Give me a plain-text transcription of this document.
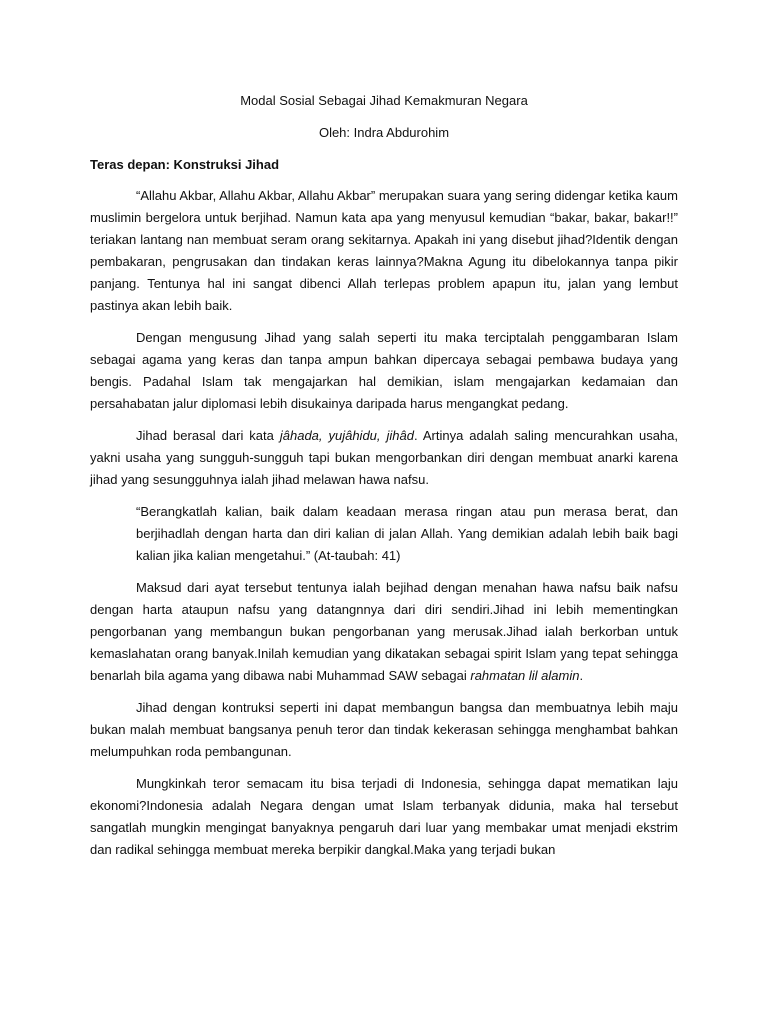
Modal Sosial Sebagai Jihad Kemakmuran Negara

Oleh: Indra Abdurohim

Teras depan: Konstruksi Jihad

“Allahu Akbar, Allahu Akbar, Allahu Akbar” merupakan suara yang sering didengar ketika kaum muslimin bergelora untuk berjihad. Namun kata apa yang menyusul kemudian “bakar, bakar, bakar!!” teriakan lantang nan membuat seram orang sekitarnya. Apakah ini yang disebut jihad?Identik dengan pembakaran, pengrusakan dan tindakan keras lainnya?Makna Agung itu dibelokannya tanpa pikir panjang. Tentunya hal ini sangat dibenci Allah terlepas problem apapun itu, jalan yang lembut pastinya akan lebih baik.

Dengan mengusung Jihad yang salah seperti itu maka terciptalah penggambaran Islam sebagai agama yang keras dan tanpa ampun bahkan dipercaya sebagai pembawa budaya yang bengis. Padahal Islam tak mengajarkan hal demikian, islam mengajarkan kedamaian dan persahabatan jalur diplomasi lebih disukainya daripada harus mengangkat pedang.

Jihad berasal dari kata jâhada, yujâhidu, jihâd. Artinya adalah saling mencurahkan usaha, yakni usaha yang sungguh-sungguh tapi bukan mengorbankan diri dengan membuat anarki karena jihad yang sesungguhnya ialah jihad melawan hawa nafsu.

“Berangkatlah kalian, baik dalam keadaan merasa ringan atau pun merasa berat, dan berjihadlah dengan harta dan diri kalian di jalan Allah. Yang demikian adalah lebih baik bagi kalian jika kalian mengetahui.” (At-taubah: 41)

Maksud dari ayat tersebut tentunya ialah bejihad dengan menahan hawa nafsu baik nafsu dengan harta ataupun nafsu yang datangnnya dari diri sendiri.Jihad ini lebih mementingkan pengorbanan yang membangun bukan pengorbanan yang merusak.Jihad ialah berkorban untuk kemaslahatan orang banyak.Inilah kemudian yang dikatakan sebagai spirit Islam yang tepat sehingga benarlah bila agama yang dibawa nabi Muhammad SAW sebagai rahmatan lil alamin.

Jihad dengan kontruksi seperti ini dapat membangun bangsa dan membuatnya lebih maju bukan malah membuat bangsanya penuh teror dan tindak kekerasan sehingga menghambat bahkan melumpuhkan roda pembangunan.

Mungkinkah teror semacam itu bisa terjadi di Indonesia, sehingga dapat mematikan laju ekonomi?Indonesia adalah Negara dengan umat Islam terbanyak didunia, maka hal tersebut sangatlah mungkin mengingat banyaknya pengaruh dari luar yang membakar umat menjadi ekstrim dan radikal sehingga membuat mereka berpikir dangkal.Maka yang terjadi bukan
